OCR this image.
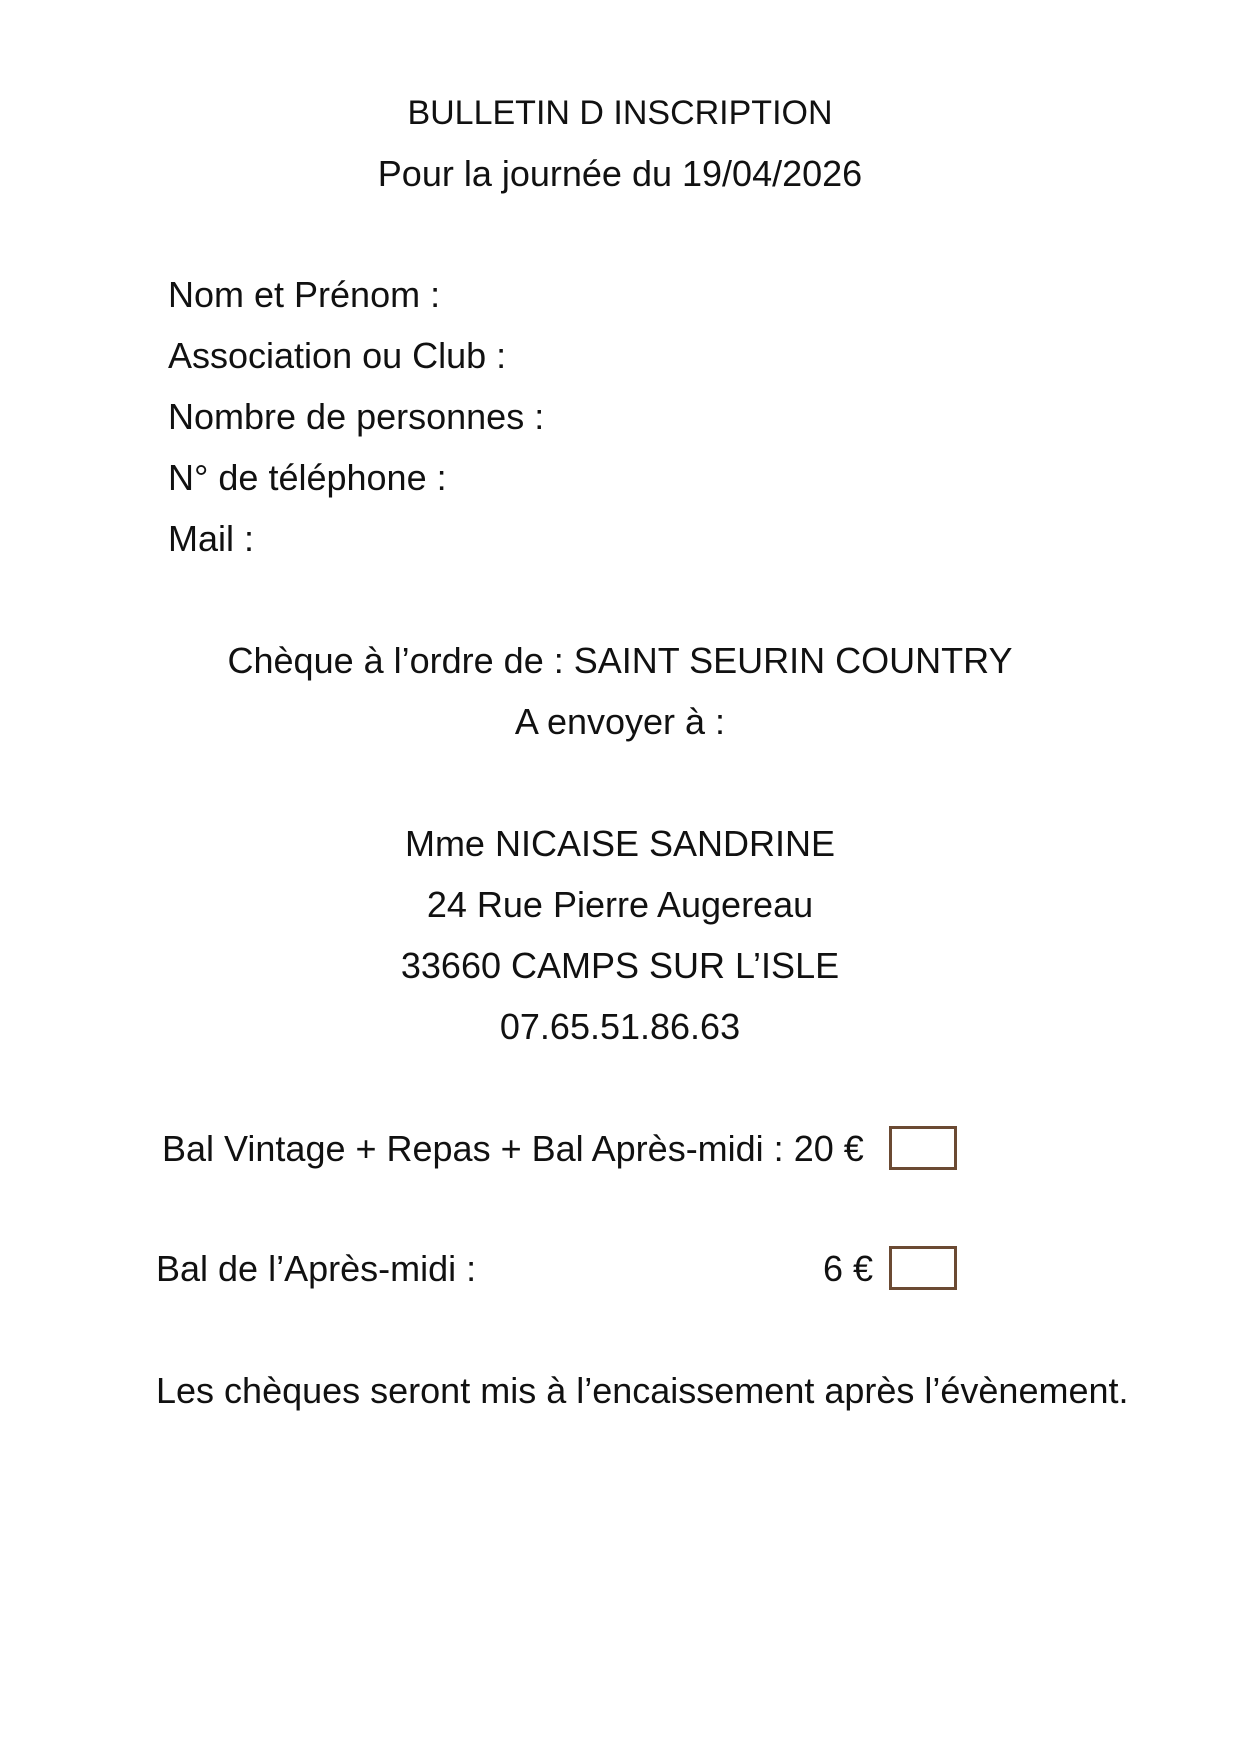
BULLETIN D INSCRIPTION
Pour la journée du 19/04/2026
Nom et Prénom :
Association ou Club :
Nombre de personnes :
N° de téléphone :
Mail :
Chèque à l’ordre de : SAINT SEURIN COUNTRY
A envoyer à :
Mme NICAISE SANDRINE
24 Rue Pierre Augereau
33660 CAMPS SUR L’ISLE
07.65.51.86.63
Bal Vintage + Repas + Bal Après-midi : 20 €
Bal de l’Après-midi :	6 €
Les chèques seront mis à l’encaissement après l’évènement.
